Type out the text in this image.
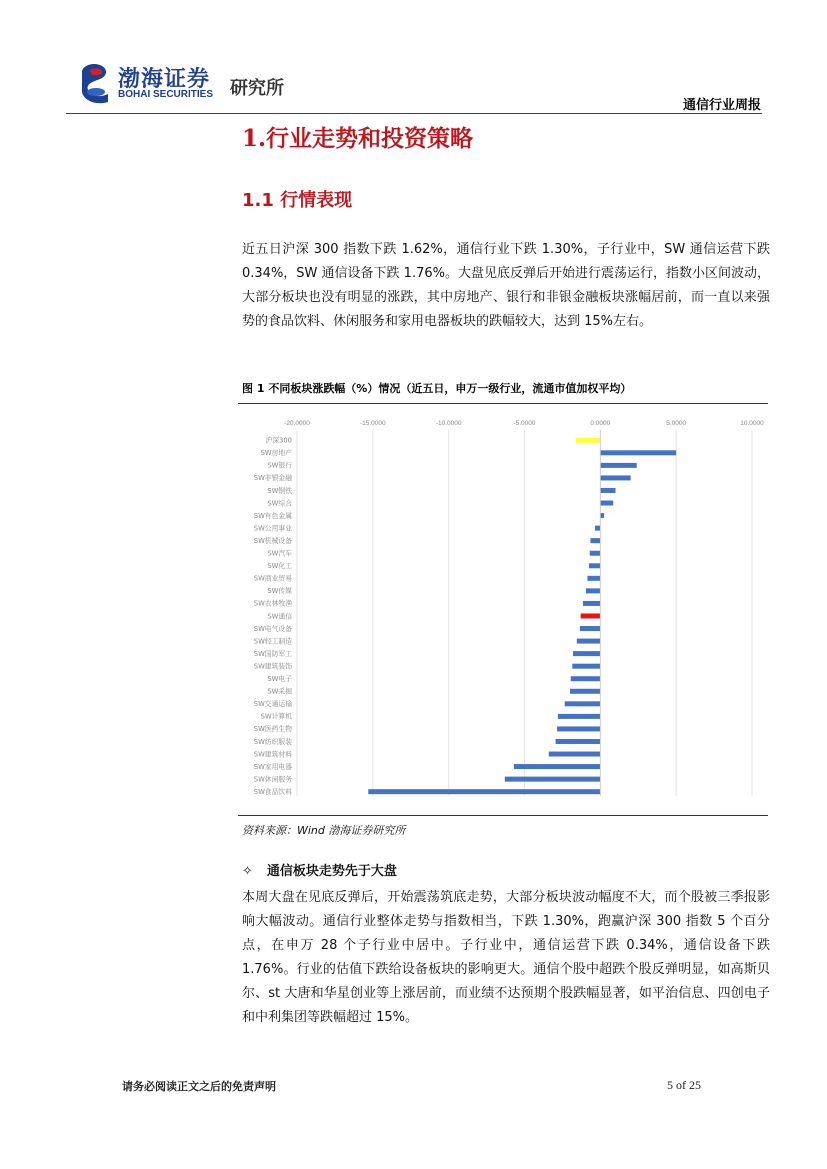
渤海证券
BOHAI SECURITIES 研究所
通信行业周报
1.行业走势和投资策略
1.1 行情表现

近五日沪深 300 指数下跌 1.62%，通信行业下跌 1.30%，子行业中，SW 通信运营下跌 0.34%，SW 通信设备下跌 1.76%。大盘见底反弹后开始进行震荡运行，指数小区间波动，大部分板块也没有明显的涨跌，其中房地产、银行和非银金融板块涨幅居前，而一直以来强势的食品饮料、休闲服务和家用电器板块的跌幅较大，达到 15%左右。

图 1 不同板块涨跌幅（%）情况（近五日，申万一级行业，流通市值加权平均）
-20.0000	-15.0000	-10.0000	-5.0000	0.0000	5.0000	10.0000
沪深300
SW房地产
SW银行
SW非银金融
SW钢铁
SW综合
SW有色金属
SW公用事业
SW机械设备
SW汽车
SW化工
SW商业贸易
SW传媒
SW农林牧渔
SW通信
SW电气设备
SW轻工制造
SW国防军工
SW建筑装饰
SW电子
SW采掘
SW交通运输
SW计算机
SW医药生物
SW纺织服装
SW建筑材料
SW家用电器
SW休闲服务
SW食品饮料
资料来源：Wind 渤海证券研究所
✧ 通信板块走势先于大盘

本周大盘在见底反弹后，开始震荡筑底走势，大部分板块波动幅度不大，而个股被三季报影响大幅波动。通信行业整体走势与指数相当，下跌 1.30%，跑赢沪深 300 指数 5 个百分点，在申万 28 个子行业中居中。子行业中，通信运营下跌 0.34%，通信设备下跌 1.76%。行业的估值下跌给设备板块的影响更大。通信个股中超跌个股反弹明显，如高斯贝尔、st 大唐和华星创业等上涨居前，而业绩不达预期个股跌幅显著，如平治信息、四创电子和中利集团等跌幅超过 15%。

请务必阅读正文之后的免责声明	5 of 25
